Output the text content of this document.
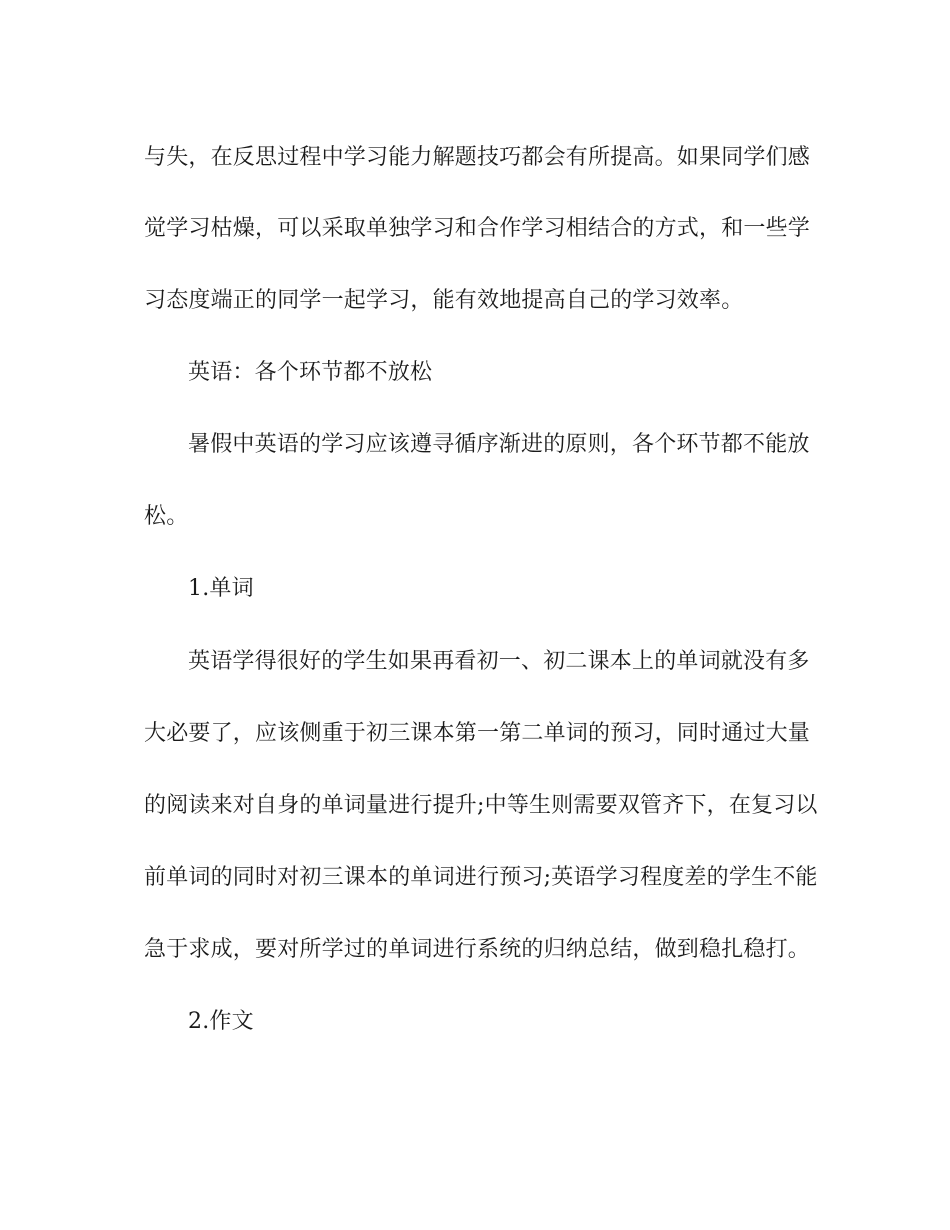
与失，在反思过程中学习能力解题技巧都会有所提高。如果同学们感
觉学习枯燥，可以采取单独学习和合作学习相结合的方式，和一些学
习态度端正的同学一起学习，能有效地提高自己的学习效率。
英语：各个环节都不放松
暑假中英语的学习应该遵寻循序渐进的原则，各个环节都不能放
松。
1.单词
英语学得很好的学生如果再看初一、初二课本上的单词就没有多
大必要了，应该侧重于初三课本第一第二单词的预习，同时通过大量
的阅读来对自身的单词量进行提升;中等生则需要双管齐下，在复习以
前单词的同时对初三课本的单词进行预习;英语学习程度差的学生不能
急于求成，要对所学过的单词进行系统的归纳总结，做到稳扎稳打。
2.作文
